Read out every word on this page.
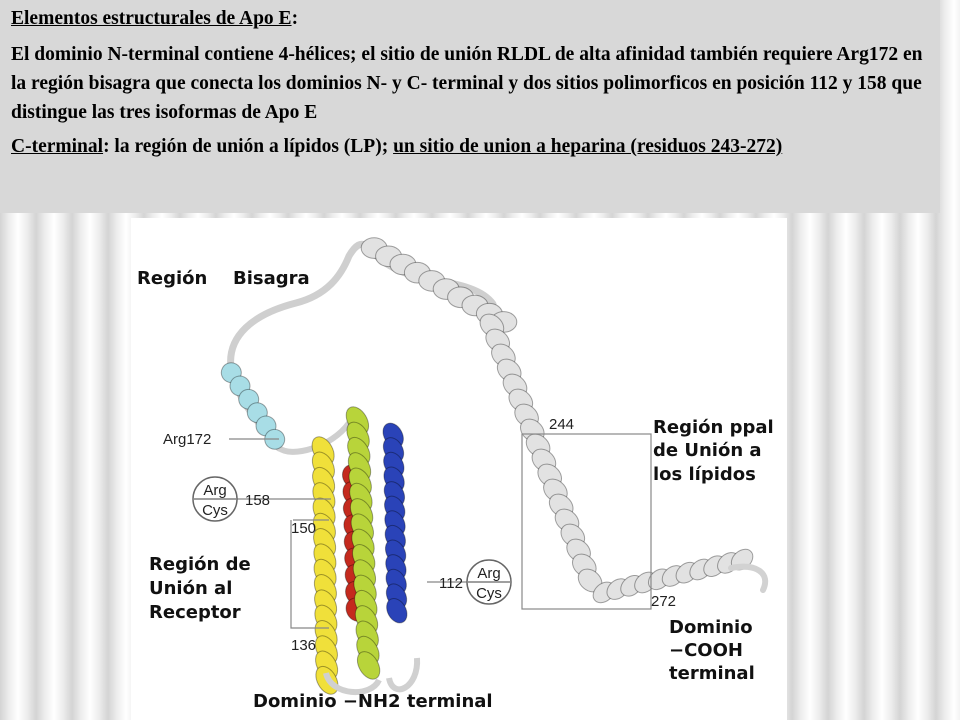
Elementos estructurales de Apo E:

El dominio N-terminal contiene 4-hélices; el sitio de unión RLDL de alta afinidad también requiere Arg172 en la región bisagra que conecta los dominios N- y C- terminal y dos sitios polimorficos en posición 112 y 158 que distingue las tres isoformas de Apo E

C-terminal: la región de unión a lípidos (LP); un sitio de union a heparina (residuos 243-272)

Arg
Cys
Arg
Cys
Región Bisagra
Arg172
158
150
136
112
244
272
Región de
Unión al
Receptor
Región ppal
de Unión a
los lípidos
Dominio
−COOH
terminal
Dominio −NH2 terminal
